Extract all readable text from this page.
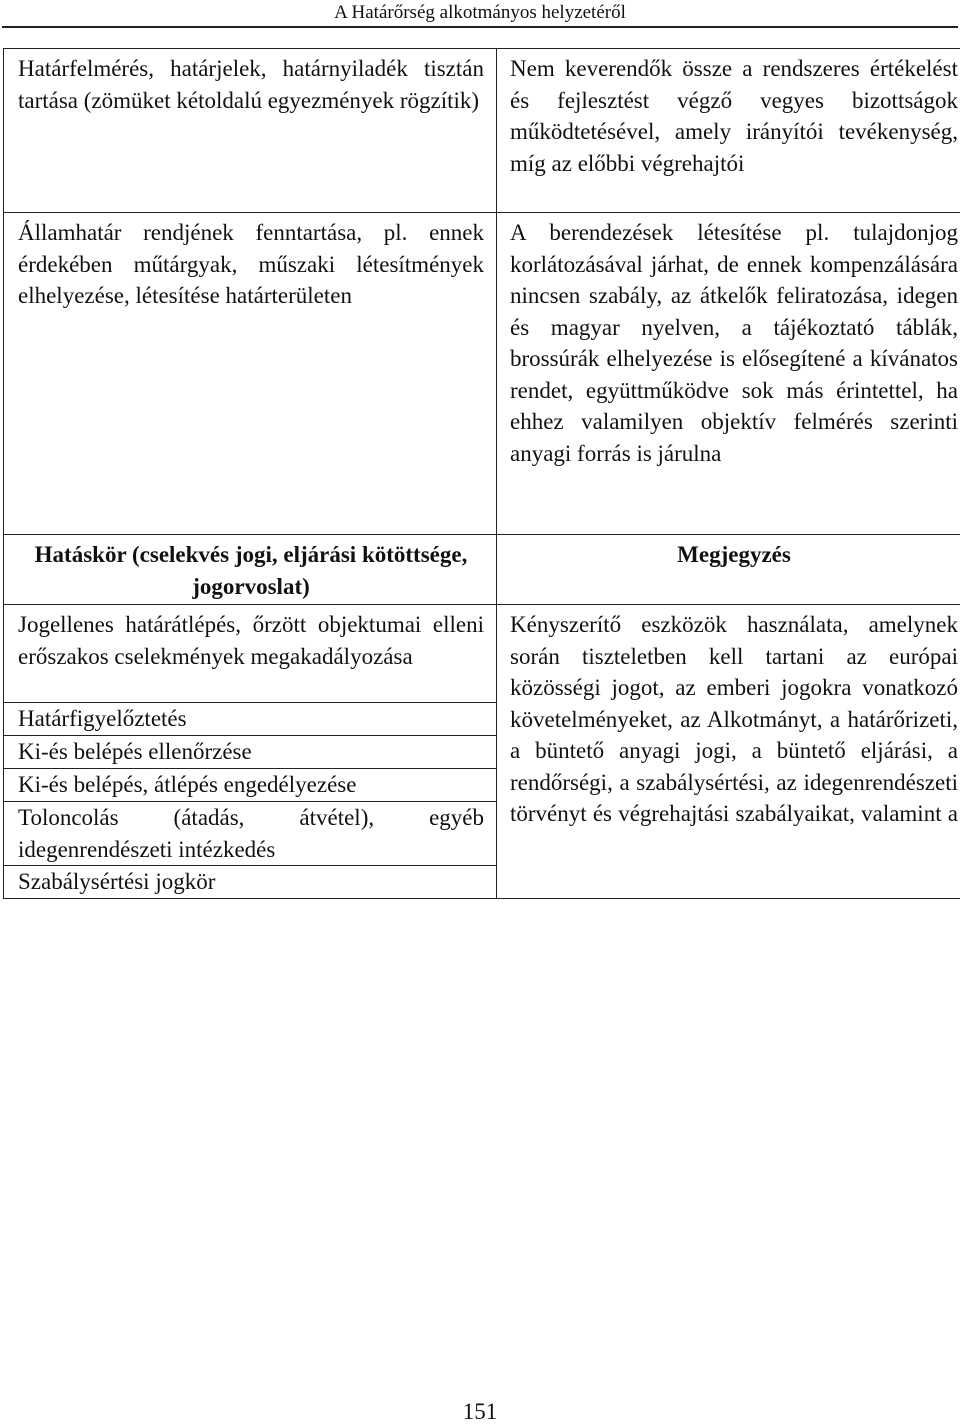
A Határőrség alkotmányos helyzetéről
Határfelmérés, határjelek, határnyiladék tisztán tartása (zömüket kétoldalú egyezmények rögzítik)	Nem keverendők össze a rendszeres értékelést és fejlesztést végző vegyes bizottságok működtetésével, amely irányítói tevékenység, míg az előbbi végrehajtói

Államhatár rendjének fenntartása, pl. ennek érdekében műtárgyak, műszaki létesítmények elhelyezése, létesítése határterületen	A berendezések létesítése pl. tulajdonjog korlátozásával járhat, de ennek kompenzálására nincsen szabály, az átkelők feliratozása, idegen és magyar nyelven, a tájékoztató táblák, brossúrák elhelyezése is elősegítené a kívánatos rendet, együttműködve sok más érintettel, ha ehhez valamilyen objektív felmérés szerinti anyagi forrás is járulna

Hatáskör (cselekvés jogi, eljárási kötöttsége, jogorvoslat)	Megjegyzés

Jogellenes határátlépés, őrzött objektumai elleni erőszakos cselekmények megakadályozása	Kényszerítő eszközök használata, amelynek során tiszteletben kell tartani az európai közösségi jogot, az emberi jogokra vonatkozó követelményeket, az Alkotmányt, a határőrizeti, a büntető anyagi jogi, a büntető eljárási, a rendőrségi, a szabálysértési, az idegenrendészeti törvényt és végrehajtási szabályaikat, valamint a

Határfigyelőztetés	

Ki-és belépés ellenőrzése	

Ki-és belépés, átlépés engedélyezése	

Toloncolás (átadás, átvétel), egyéb idegenrendészeti intézkedés	

Szabálysértési jogkör	
151
